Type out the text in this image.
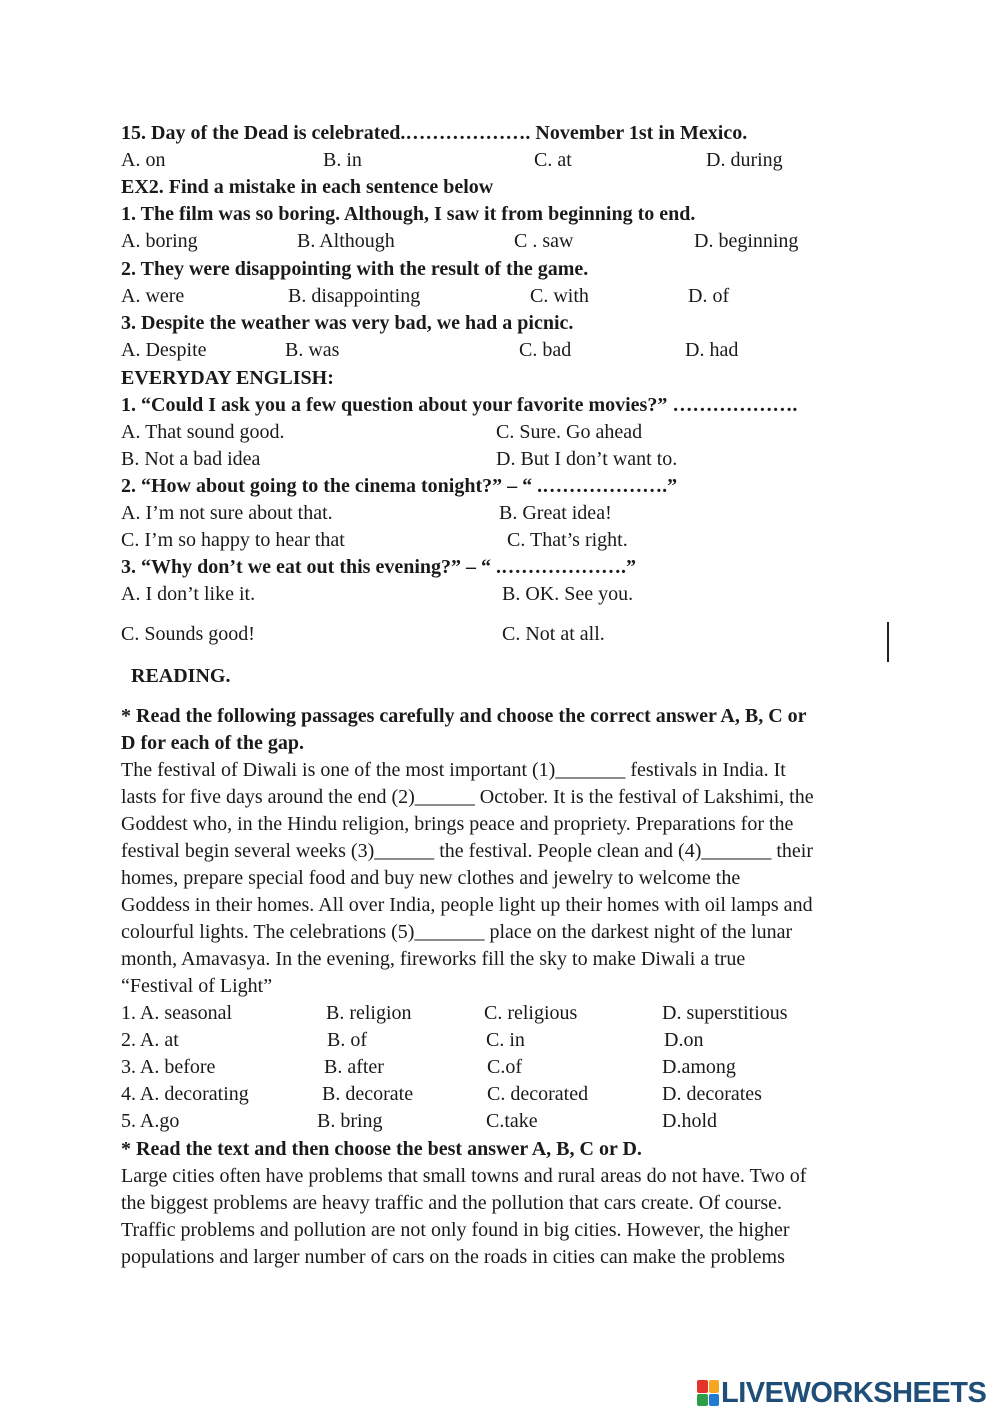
15. Day of the Dead is celebrated.………………. November 1st in Mexico.
A. on	B. in	C. at	D. during
EX2. Find a mistake in each sentence below
1. The film was so boring. Although, I saw it from beginning to end.
A. boring	B. Although	C . saw	D. beginning
2. They were disappointing with the result of the game.
A. were	B. disappointing	C. with	D. of
3. Despite the weather was very bad, we had a picnic.
A. Despite	B. was	C. bad	D. had
EVERYDAY ENGLISH:
1. “Could I ask you a few question about your favorite movies?” ……………….
A. That sound good.	C. Sure. Go ahead
B. Not a bad idea	D. But I don’t want to.
2. “How about going to the cinema tonight?” – “ .……………….”
A. I’m not sure about that.	B. Great idea!
C. I’m so happy to hear that	C. That’s right.
3. “Why don’t we eat out this evening?” – “ .……………….”
A. I don’t like it.	B. OK. See you.
C. Sounds good!	C. Not at all.
READING.
* Read the following passages carefully and choose the correct answer A, B, C or
D for each of the gap.
The festival of Diwali is one of the most important (1)_______ festivals in India. It
lasts for five days around the end (2)______ October. It is the festival of Lakshimi, the
Goddest who, in the Hindu religion, brings peace and propriety. Preparations for the
festival begin several weeks (3)______ the festival. People clean and (4)_______ their
homes, prepare special food and buy new clothes and jewelry to welcome the
Goddess in their homes. All over India, people light up their homes with oil lamps and
colourful lights. The celebrations (5)_______ place on the darkest night of the lunar
month, Amavasya. In the evening, fireworks fill the sky to make Diwali a true
“Festival of Light”
1. A. seasonal	B. religion	C. religious	D. superstitious
2. A. at	B. of	C. in	D.on
3. A. before	B. after	C.of	D.among
4. A. decorating	B. decorate	C. decorated	D. decorates
5. A.go	B. bring	C.take	D.hold
* Read the text and then choose the best answer A, B, C or D.
Large cities often have problems that small towns and rural areas do not have. Two of
the biggest problems are heavy traffic and the pollution that cars create. Of course.
Traffic problems and pollution are not only found in big cities. However, the higher
populations and larger number of cars on the roads in cities can make the problems
LIVEWORKSHEETS
